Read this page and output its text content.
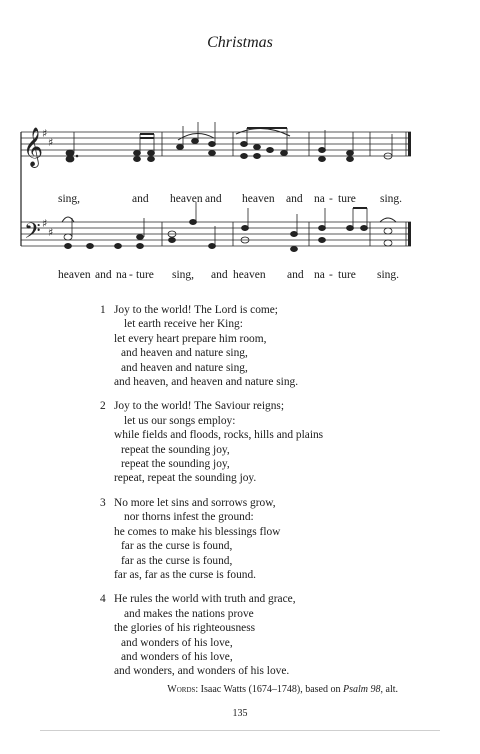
Christmas
𝄞
𝄢
♯
♯
♯
♯
sing,	and heaven and heaven and na - ture sing.
heaven and na - ture sing, and heaven and na - ture sing.
1 Joy to the world! The Lord is come;
let earth receive her King:
let every heart prepare him room,
and heaven and nature sing,
and heaven and nature sing,
and heaven, and heaven and nature sing.
2 Joy to the world! The Saviour reigns;
let us our songs employ:
while fields and floods, rocks, hills and plains
repeat the sounding joy,
repeat the sounding joy,
repeat, repeat the sounding joy.
3 No more let sins and sorrows grow,
nor thorns infest the ground:
he comes to make his blessings flow
far as the curse is found,
far as the curse is found,
far as, far as the curse is found.
4 He rules the world with truth and grace,
and makes the nations prove
the glories of his righteousness
and wonders of his love,
and wonders of his love,
and wonders, and wonders of his love.
Words: Isaac Watts (1674–1748), based on Psalm 98, alt.
135
